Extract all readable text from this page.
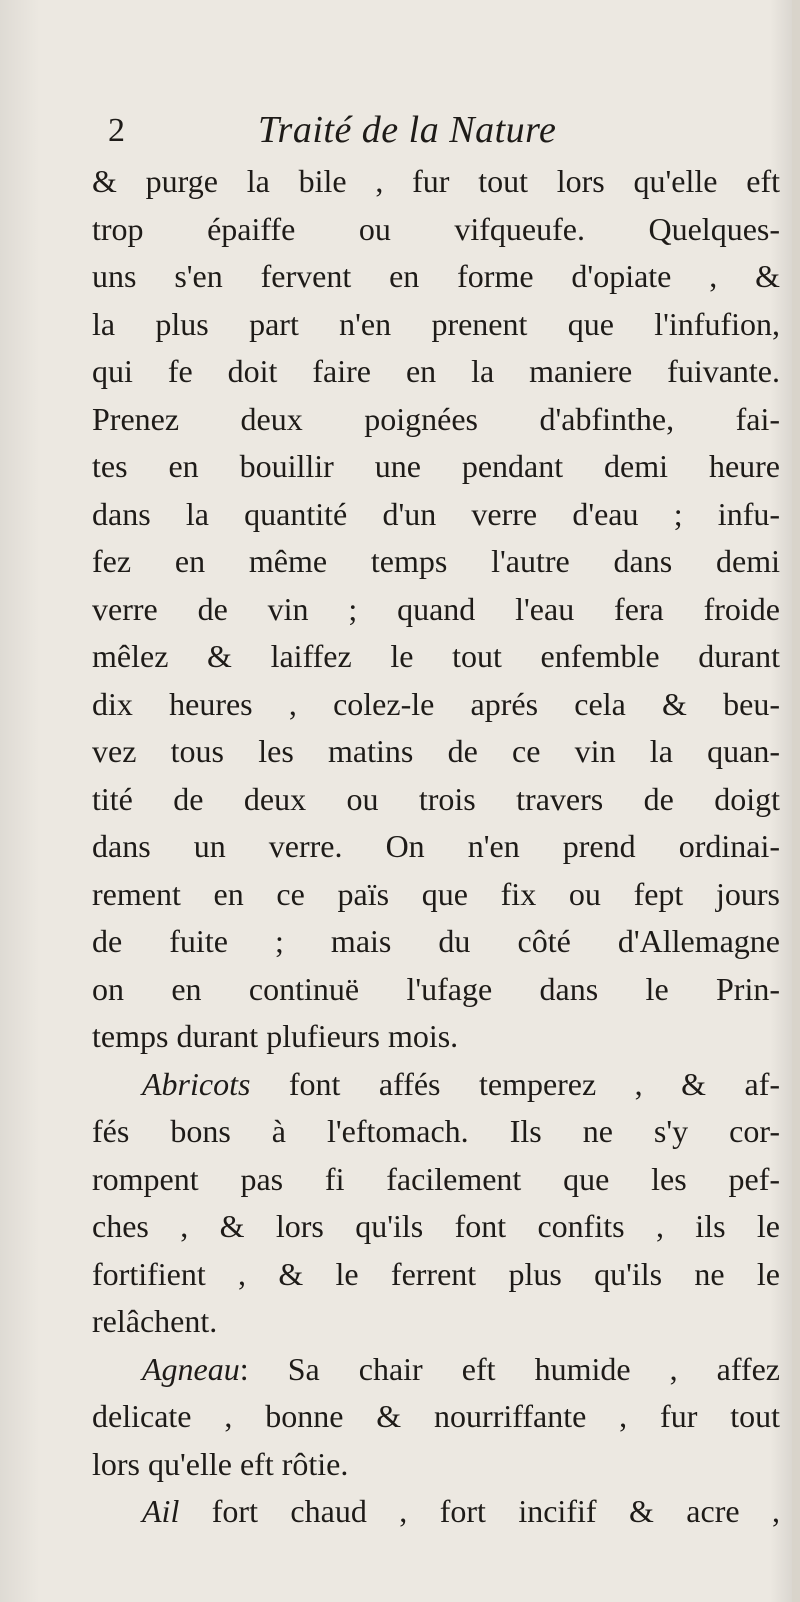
2	Traité de la Nature
& purge la bile , fur tout lors qu'elle eft
trop épaiffe ou vifqueufe. Quelques-
uns s'en fervent en forme d'opiate , &
la plus part n'en prenent que l'infufion,
qui fe doit faire en la maniere fuivante.
Prenez deux poignées d'abfinthe, fai-
tes en bouillir une pendant demi heure
dans la quantité d'un verre d'eau ; infu-
fez en même temps l'autre dans demi
verre de vin ; quand l'eau fera froide
mêlez & laiffez le tout enfemble durant
dix heures , colez-le aprés cela & beu-
vez tous les matins de ce vin la quan-
tité de deux ou trois travers de doigt
dans un verre. On n'en prend ordinai-
rement en ce païs que fix ou fept jours
de fuite ; mais du côté d'Allemagne
on en continuë l'ufage dans le Prin-
temps durant plufieurs mois.
Abricots font affés temperez , & af-
fés bons à l'eftomach. Ils ne s'y cor-
rompent pas fi facilement que les pef-
ches , & lors qu'ils font confits , ils le
fortifient , & le ferrent plus qu'ils ne le
relâchent.
Agneau: Sa chair eft humide , affez
delicate , bonne & nourriffante , fur tout
lors qu'elle eft rôtie.
Ail fort chaud , fort incifif & acre ,
